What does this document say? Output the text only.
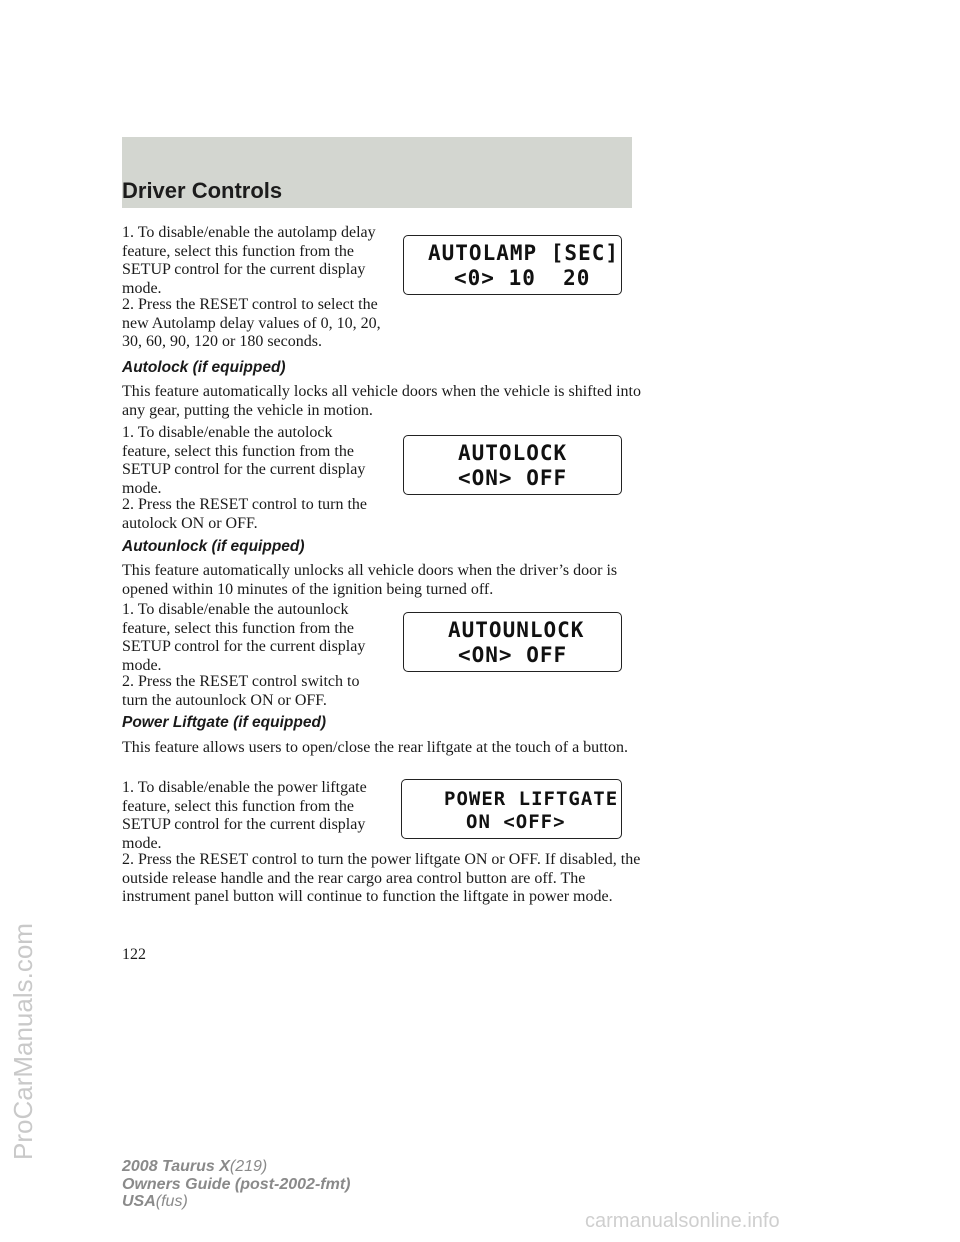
Driver Controls
ProCarManuals.com

1. To disable/enable the autolamp delay feature, select this function from the SETUP control for the current display mode.

2. Press the RESET control to select the new Autolamp delay values of 0, 10, 20, 30, 60, 90, 120 or 180 seconds.

AUTOLAMP [SEC]
<0> 10  20
Autolock (if equipped)

This feature automatically locks all vehicle doors when the vehicle is shifted into any gear, putting the vehicle in motion.

1. To disable/enable the autolock feature, select this function from the SETUP control for the current display mode.

2. Press the RESET control to turn the autolock ON or OFF.

AUTOLOCK
<ON> OFF
Autounlock (if equipped)

This feature automatically unlocks all vehicle doors when the driver’s door is opened within 10 minutes of the ignition being turned off.

1. To disable/enable the autounlock feature, select this function from the SETUP control for the current display mode.

2. Press the RESET control switch to turn the autounlock ON or OFF.

AUTOUNLOCK
<ON> OFF
Power Liftgate (if equipped)

This feature allows users to open/close the rear liftgate at the touch of a button.

1. To disable/enable the power liftgate feature, select this function from the SETUP control for the current display mode.

2. Press the RESET control to turn the power liftgate ON or OFF. If disabled, the outside release handle and the rear cargo area control button are off. The instrument panel button will continue to function the liftgate in power mode.

POWER LIFTGATE
ON <OFF>
122
2008 Taurus X(219)
Owners Guide (post-2002-fmt)
USA(fus)
carmanualsonline.info
